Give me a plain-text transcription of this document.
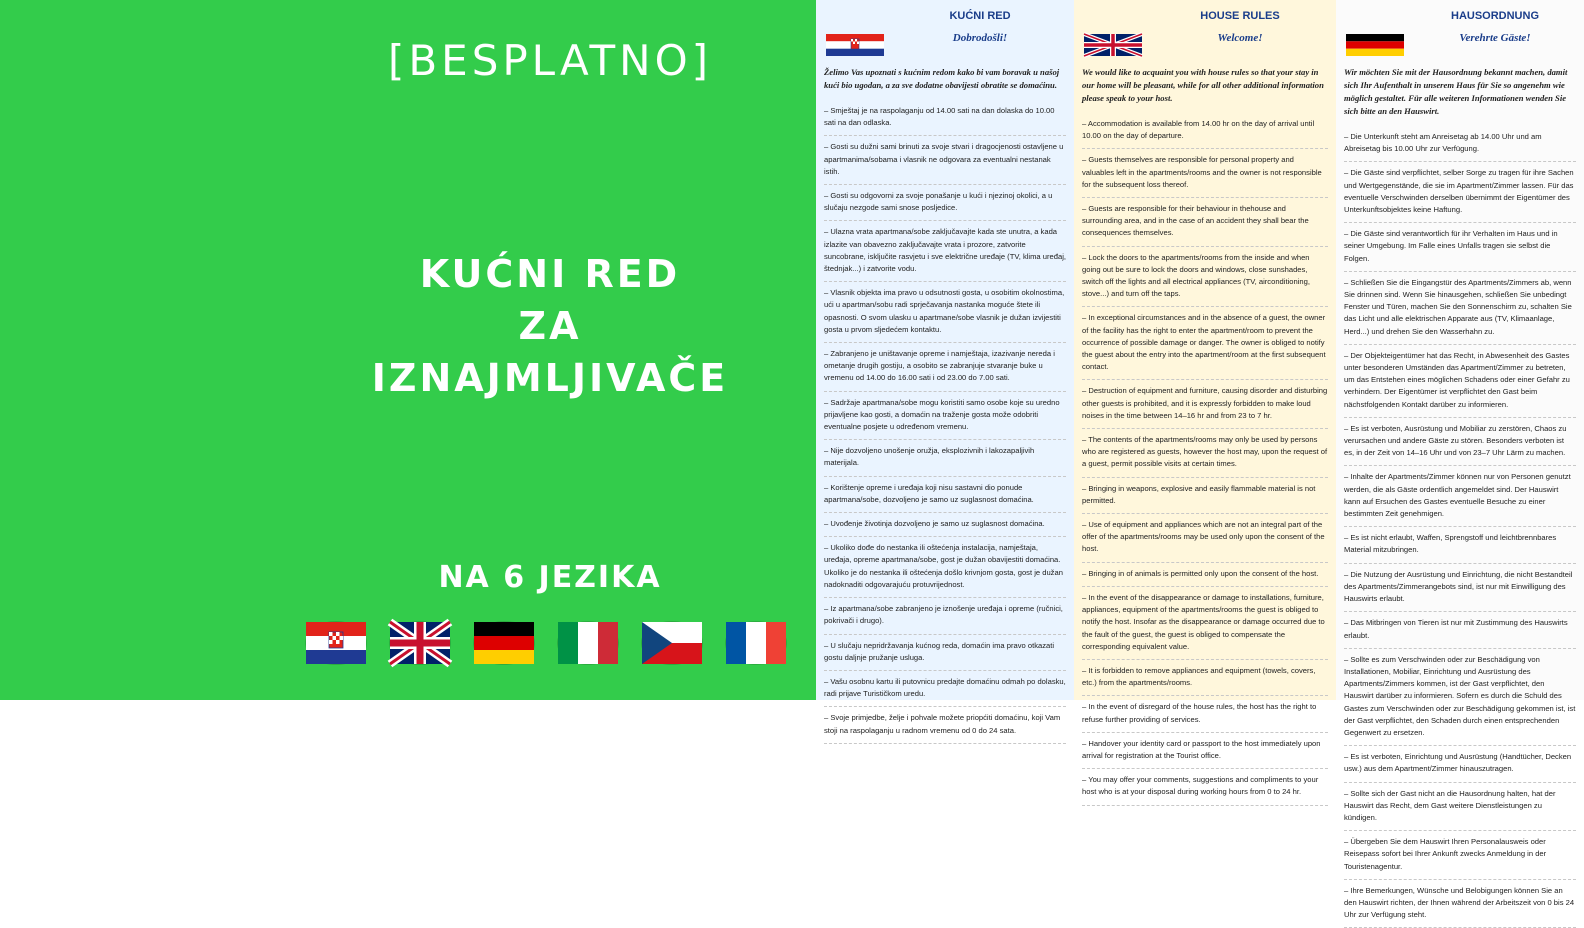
[BESPLATNO]
KUĆNI RED
ZA
IZNAJMLJIVAČE
NA 6 JEZIKA
KUĆNI RED
Dobrodošli!
Želimo Vas upoznati s kućnim redom kako bi vam boravak u našoj kući bio ugodan, a za sve dodatne obavijesti obratite se domaćinu.
– Smještaj je na raspolaganju od 14.00 sati na dan dolaska do 10.00 sati na dan odlaska.
– Gosti su dužni sami brinuti za svoje stvari i dragocjenosti ostavljene u apartmanima/sobama i vlasnik ne odgovara za eventualni nestanak istih.
– Gosti su odgovorni za svoje ponašanje u kući i njezinoj okolici, a u slučaju nezgode sami snose posljedice.
– Ulazna vrata apartmana/sobe zaključavajte kada ste unutra, a kada izlazite van obavezno zaključavajte vrata i prozore, zatvorite suncobrane, isključite rasvjetu i sve električne uređaje (TV, klima uređaj, štednjak...) i zatvorite vodu.
– Vlasnik objekta ima pravo u odsutnosti gosta, u osobitim okolnostima, ući u apartman/sobu radi sprječavanja nastanka moguće štete ili opasnosti. O svom ulasku u apartmane/sobe vlasnik je dužan izvijestiti gosta u prvom sljedećem kontaktu.
– Zabranjeno je uništavanje opreme i namještaja, izazivanje nereda i ometanje drugih gostiju, a osobito se zabranjuje stvaranje buke u vremenu od 14.00 do 16.00 sati i od 23.00 do 7.00 sati.
– Sadržaje apartmana/sobe mogu koristiti samo osobe koje su uredno prijavljene kao gosti, a domaćin na traženje gosta može odobriti eventualne posjete u određenom vremenu.
– Nije dozvoljeno unošenje oružja, eksplozivnih i lakozapaljivih materijala.
– Korištenje opreme i uređaja koji nisu sastavni dio ponude apartmana/sobe, dozvoljeno je samo uz suglasnost domaćina.
– Uvođenje životinja dozvoljeno je samo uz suglasnost domaćina.
– Ukoliko dođe do nestanka ili oštećenja instalacija, namještaja, uređaja, opreme apartmana/sobe, gost je dužan obavijestiti domaćina. Ukoliko je do nestanka ili oštećenja došlo krivnjom gosta, gost je dužan nadoknaditi odgovarajuću protuvrijednost.
– Iz apartmana/sobe zabranjeno je iznošenje uređaja i opreme (ručnici, pokrivači i drugo).
– U slučaju nepridržavanja kućnog reda, domaćin ima pravo otkazati gostu daljnje pružanje usluga.
– Vašu osobnu kartu ili putovnicu predajte domaćinu odmah po dolasku, radi prijave Turističkom uredu.
– Svoje primjedbe, želje i pohvale možete priopćiti domaćinu, koji Vam stoji na raspolaganju u radnom vremenu od 0 do 24 sata.
HOUSE RULES
Welcome!
We would like to acquaint you with house rules so that your stay in our home will be pleasant, while for all other additional information please speak to your host.
– Accommodation is available from 14.00 hr on the day of arrival until 10.00 on the day of departure.
– Guests themselves are responsible for personal property and valuables left in the apartments/rooms and the owner is not responsible for the subsequent loss thereof.
– Guests are responsible for their behaviour in thehouse and surrounding area, and in the case of an accident they shall bear the consequences themselves.
– Lock the doors to the apartments/rooms from the inside and when going out be sure to lock the doors and windows, close sunshades, switch off the lights and all electrical appliances (TV, airconditioning, stove...) and turn off the taps.
– In exceptional circumstances and in the absence of a guest, the owner of the facility has the right to enter the apartment/room to prevent the occurrence of possible damage or danger. The owner is obliged to notify the guest about the entry into the apartment/room at the first subsequent contact.
– Destruction of equipment and furniture, causing disorder and disturbing other guests is prohibited, and it is expressly forbidden to make loud noises in the time between 14–16 hr and from 23 to 7 hr.
– The contents of the apartments/rooms may only be used by persons who are registered as guests, however the host may, upon the request of a guest, permit possible visits at certain times.
– Bringing in weapons, explosive and easily flammable material is not permitted.
– Use of equipment and appliances which are not an integral part of the offer of the apartments/rooms may be used only upon the consent of the host.
– Bringing in of animals is permitted only upon the consent of the host.
– In the event of the disappearance or damage to installations, furniture, appliances, equipment of the apartments/rooms the guest is obliged to notify the host. Insofar as the disappearance or damage occurred due to the fault of the guest, the guest is obliged to compensate the corresponding equivalent value.
– It is forbidden to remove appliances and equipment (towels, covers, etc.) from the apartments/rooms.
– In the event of disregard of the house rules, the host has the right to refuse further providing of services.
– Handover your identity card or passport to the host immediately upon arrival for registration at the Tourist office.
– You may offer your comments, suggestions and compliments to your host who is at your disposal during working hours from 0 to 24 hr.
HAUSORDNUNG
Verehrte Gäste!
Wir möchten Sie mit der Hausordnung bekannt machen, damit sich Ihr Aufenthalt in unserem Haus für Sie so angenehm wie möglich gestaltet. Für alle weiteren Informationen wenden Sie sich bitte an den Hauswirt.
– Die Unterkunft steht am Anreisetag ab 14.00 Uhr und am Abreisetag bis 10.00 Uhr zur Verfügung.
– Die Gäste sind verpflichtet, selber Sorge zu tragen für ihre Sachen und Wertgegenstände, die sie im Apartment/Zimmer lassen. Für das eventuelle Verschwinden derselben übernimmt der Eigentümer des Unterkunftsobjektes keine Haftung.
– Die Gäste sind verantwortlich für ihr Verhalten im Haus und in seiner Umgebung. Im Falle eines Unfalls tragen sie selbst die Folgen.
– Schließen Sie die Eingangstür des Apartments/Zimmers ab, wenn Sie drinnen sind. Wenn Sie hinausgehen, schließen Sie unbedingt Fenster und Türen, machen Sie den Sonnenschirm zu, schalten Sie das Licht und alle elektrischen Apparate aus (TV, Klimaanlage, Herd...) und drehen Sie den Wasserhahn zu.
– Der Objekteigentümer hat das Recht, in Abwesenheit des Gastes unter besonderen Umständen das Apartment/Zimmer zu betreten, um das Entstehen eines möglichen Schadens oder einer Gefahr zu verhindern. Der Eigentümer ist verpflichtet den Gast beim nächstfolgenden Kontakt darüber zu informieren.
– Es ist verboten, Ausrüstung und Mobiliar zu zerstören, Chaos zu verursachen und andere Gäste zu stören. Besonders verboten ist es, in der Zeit von 14–16 Uhr und von 23–7 Uhr Lärm zu machen.
– Inhalte der Apartments/Zimmer können nur von Personen genutzt werden, die als Gäste ordentlich angemeldet sind. Der Hauswirt kann auf Ersuchen des Gastes eventuelle Besuche zu einer bestimmten Zeit genehmigen.
– Es ist nicht erlaubt, Waffen, Sprengstoff und leichtbrennbares Material mitzubringen.
– Die Nutzung der Ausrüstung und Einrichtung, die nicht Bestandteil des Apartments/Zimmerangebots sind, ist nur mit Einwilligung des Hauswirts erlaubt.
– Das Mitbringen von Tieren ist nur mit Zustimmung des Hauswirts erlaubt.
– Sollte es zum Verschwinden oder zur Beschädigung von Installationen, Mobiliar, Einrichtung und Ausrüstung des Apartments/Zimmers kommen, ist der Gast verpflichtet, den Hauswirt darüber zu informieren. Sofern es durch die Schuld des Gastes zum Verschwinden oder zur Beschädigung gekommen ist, ist der Gast verpflichtet, den Schaden durch einen entsprechenden Gegenwert zu ersetzen.
– Es ist verboten, Einrichtung und Ausrüstung (Handtücher, Decken usw.) aus dem Apartment/Zimmer hinauszutragen.
– Sollte sich der Gast nicht an die Hausordnung halten, hat der Hauswirt das Recht, dem Gast weitere Dienstleistungen zu kündigen.
– Übergeben Sie dem Hauswirt Ihren Personalausweis oder Reisepass sofort bei Ihrer Ankunft zwecks Anmeldung in der Touristenagentur.
– Ihre Bemerkungen, Wünsche und Belobigungen können Sie an den Hauswirt richten, der Ihnen während der Arbeitszeit von 0 bis 24 Uhr zur Verfügung steht.
